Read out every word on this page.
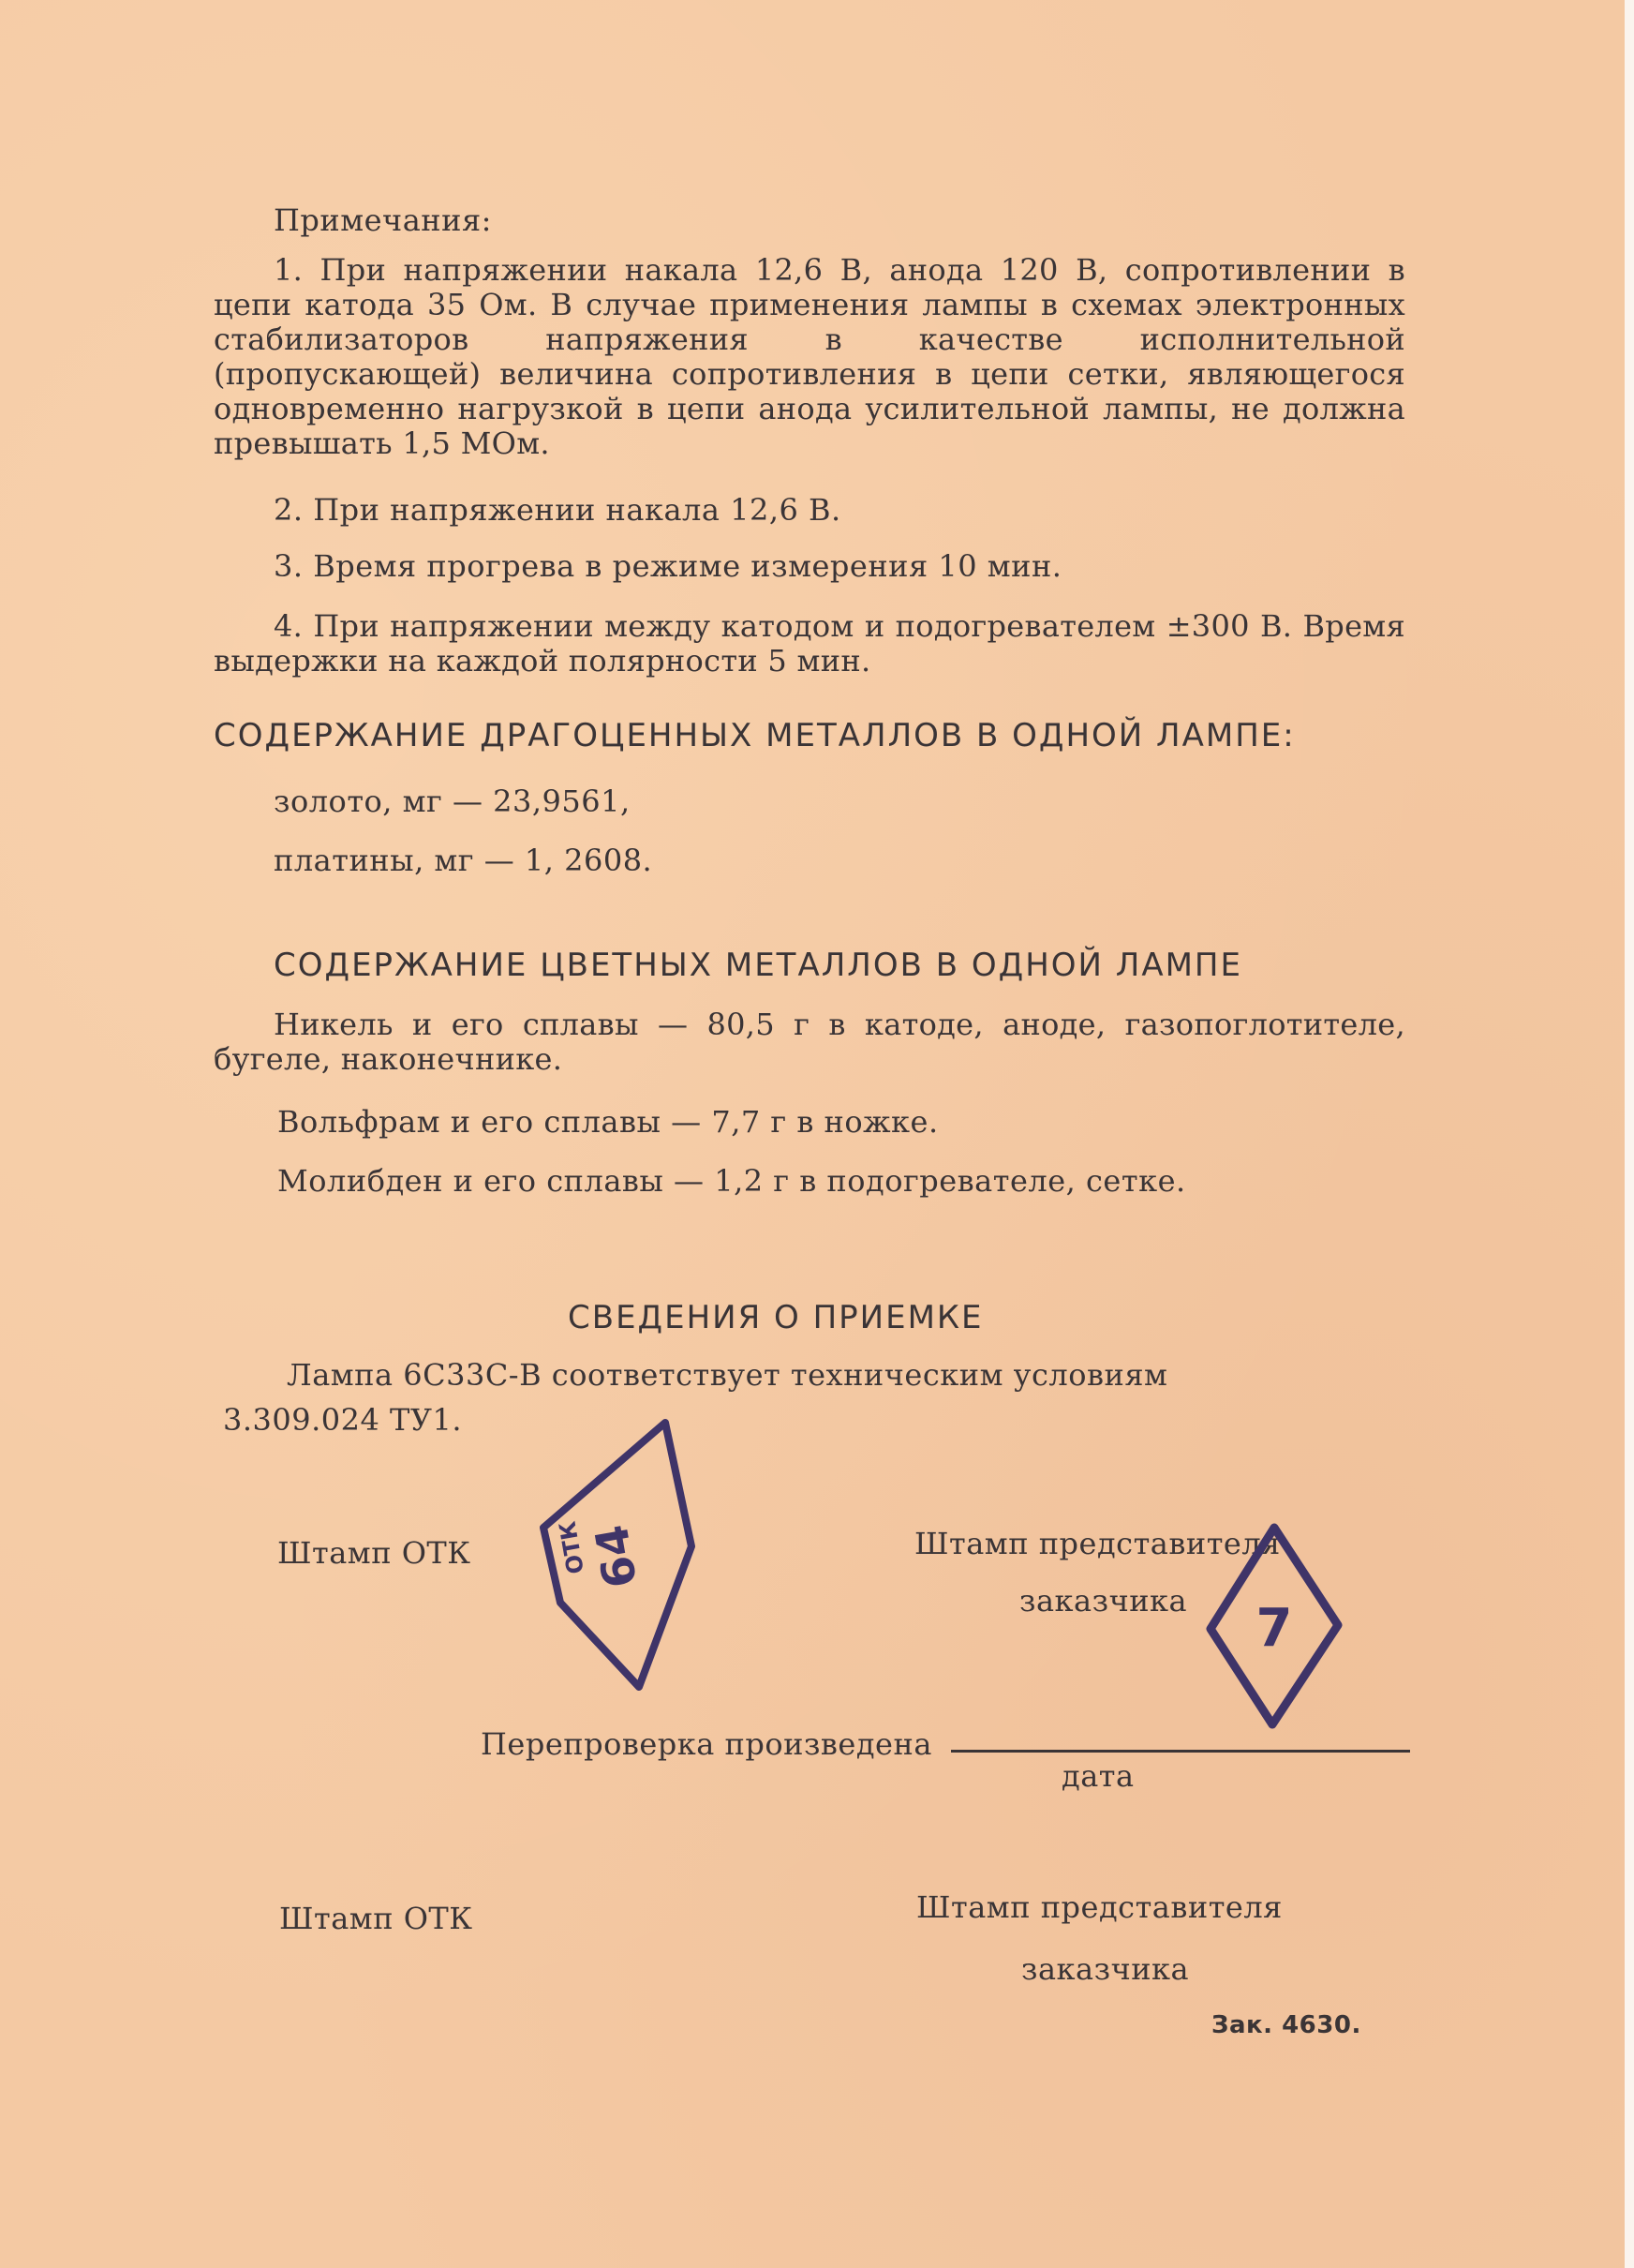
Примечания:

1. При напряжении накала 12,6 В, анода 120 В, сопротивлении в цепи катода 35 Ом. В случае применения лампы в схемах электронных стабилизаторов напряжения в качестве исполнительной (пропускающей) величина сопротивления в цепи сетки, являющегося одновременно нагрузкой в цепи анода усилительной лампы, не должна превышать 1,5 МОм.

2. При напряжении накала 12,6 В.

3. Время прогрева в режиме измерения 10 мин.

4. При напряжении между катодом и подогревателем ±300 В. Время выдержки на каждой полярности 5 мин.

СОДЕРЖАНИЕ ДРАГОЦЕННЫХ МЕТАЛЛОВ В ОДНОЙ ЛАМПЕ:

золото, мг — 23,9561,

платины, мг — 1, 2608.

СОДЕРЖАНИЕ ЦВЕТНЫХ МЕТАЛЛОВ В ОДНОЙ ЛАМПЕ

Никель и его сплавы — 80,5 г в катоде, аноде, газопоглотителе, бугеле, наконечнике.

Вольфрам и его сплавы — 7,7 г в ножке.

Молибден и его сплавы — 1,2 г в подогревателе, сетке.

СВЕДЕНИЯ О ПРИЕМКЕ

Лампа 6С33С-В соответствует техническим условиям

3.309.024 ТУ1.

Штамп ОТК	64
ОТК	Штамп представителя

заказчика 7

Перепроверка произведена

дата

Штамп ОТК	Штамп представителя

заказчика

Зак. 4630.
